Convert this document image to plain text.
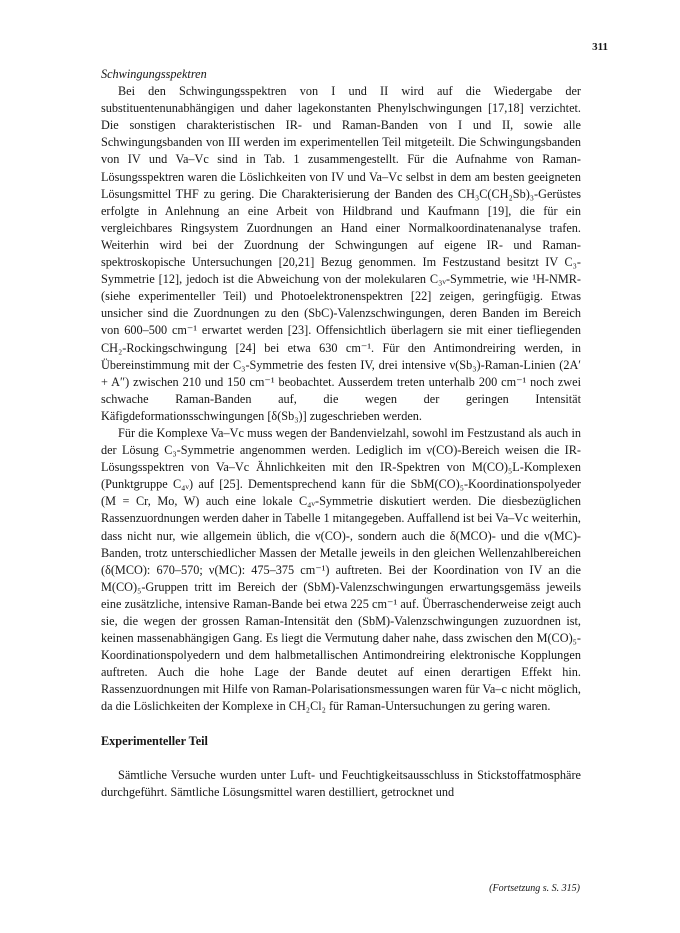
311
Schwingungsspektren

Bei den Schwingungsspektren von I und II wird auf die Wiedergabe der substituentenunabhängigen und daher lagekonstanten Phenylschwingungen [17,18] verzichtet. Die sonstigen charakteristischen IR- und Raman-Banden von I und II, sowie alle Schwingungsbanden von III werden im experimentellen Teil mitgeteilt. Die Schwingungsbanden von IV und Va–Vc sind in Tab. 1 zusammengestellt. Für die Aufnahme von Raman-Lösungsspektren waren die Löslichkeiten von IV und Va–Vc selbst in dem am besten geeigneten Lösungsmittel THF zu gering. Die Charakterisierung der Banden des CH₃C(CH₂Sb)₃-Gerüstes erfolgte in Anlehnung an eine Arbeit von Hildbrand und Kaufmann [19], die für ein vergleichbares Ringsystem Zuordnungen an Hand einer Normalkoordinatenanalyse trafen. Weiterhin wird bei der Zuordnung der Schwingungen auf eigene IR- und Raman-spektroskopische Untersuchungen [20,21] Bezug genommen. Im Festzustand besitzt IV C₃-Symmetrie [12], jedoch ist die Abweichung von der molekularen C₃ᵥ-Symmetrie, wie ¹H-NMR- (siehe experimenteller Teil) und Photoelektronenspektren [22] zeigen, geringfügig. Etwas unsicher sind die Zuordnungen zu den (SbC)-Valenzschwingungen, deren Banden im Bereich von 600–500 cm⁻¹ erwartet werden [23]. Offensichtlich überlagern sie mit einer tiefliegenden CH₂-Rockingschwingung [24] bei etwa 630 cm⁻¹. Für den Antimondreiring werden, in Übereinstimmung mit der C₃-Symmetrie des festen IV, drei intensive ν(Sb₃)-Raman-Linien (2A′ + A″) zwischen 210 und 150 cm⁻¹ beobachtet. Ausserdem treten unterhalb 200 cm⁻¹ noch zwei schwache Raman-Banden auf, die wegen der geringen Intensität Käfigdeformationsschwingungen [δ(Sb₃)] zugeschrieben werden.

Für die Komplexe Va–Vc muss wegen der Bandenvielzahl, sowohl im Festzustand als auch in der Lösung C₃-Symmetrie angenommen werden. Lediglich im ν(CO)-Bereich weisen die IR-Lösungsspektren von Va–Vc Ähnlichkeiten mit den IR-Spektren von M(CO)₅L-Komplexen (Punktgruppe C₄ᵥ) auf [25]. Dementsprechend kann für die SbM(CO)₅-Koordinationspolyeder (M = Cr, Mo, W) auch eine lokale C₄ᵥ-Symmetrie diskutiert werden. Die diesbezüglichen Rassenzuordnungen werden daher in Tabelle 1 mitangegeben. Auffallend ist bei Va–Vc weiterhin, dass nicht nur, wie allgemein üblich, die ν(CO)-, sondern auch die δ(MCO)- und die ν(MC)-Banden, trotz unterschiedlicher Massen der Metalle jeweils in den gleichen Wellenzahlbereichen (δ(MCO): 670–570; ν(MC): 475–375 cm⁻¹) auftreten. Bei der Koordination von IV an die M(CO)₅-Gruppen tritt im Bereich der (SbM)-Valenzschwingungen erwartungsgemäss jeweils eine zusätzliche, intensive Raman-Bande bei etwa 225 cm⁻¹ auf. Überraschenderweise zeigt auch sie, die wegen der grossen Raman-Intensität den (SbM)-Valenzschwingungen zuzuordnen ist, keinen massenabhängigen Gang. Es liegt die Vermutung daher nahe, dass zwischen den M(CO)₅-Koordinationspolyedern und dem halbmetallischen Antimondreiring elektronische Kopplungen auftreten. Auch die hohe Lage der Bande deutet auf einen derartigen Effekt hin. Rassenzuordnungen mit Hilfe von Raman-Polarisationsmessungen waren für Va–c nicht möglich, da die Löslichkeiten der Komplexe in CH₂Cl₂ für Raman-Untersuchungen zu gering waren.

Experimenteller Teil

Sämtliche Versuche wurden unter Luft- und Feuchtigkeitsausschluss in Stickstoffatmosphäre durchgeführt. Sämtliche Lösungsmittel waren destilliert, getrocknet und

(Fortsetzung s. S. 315)
